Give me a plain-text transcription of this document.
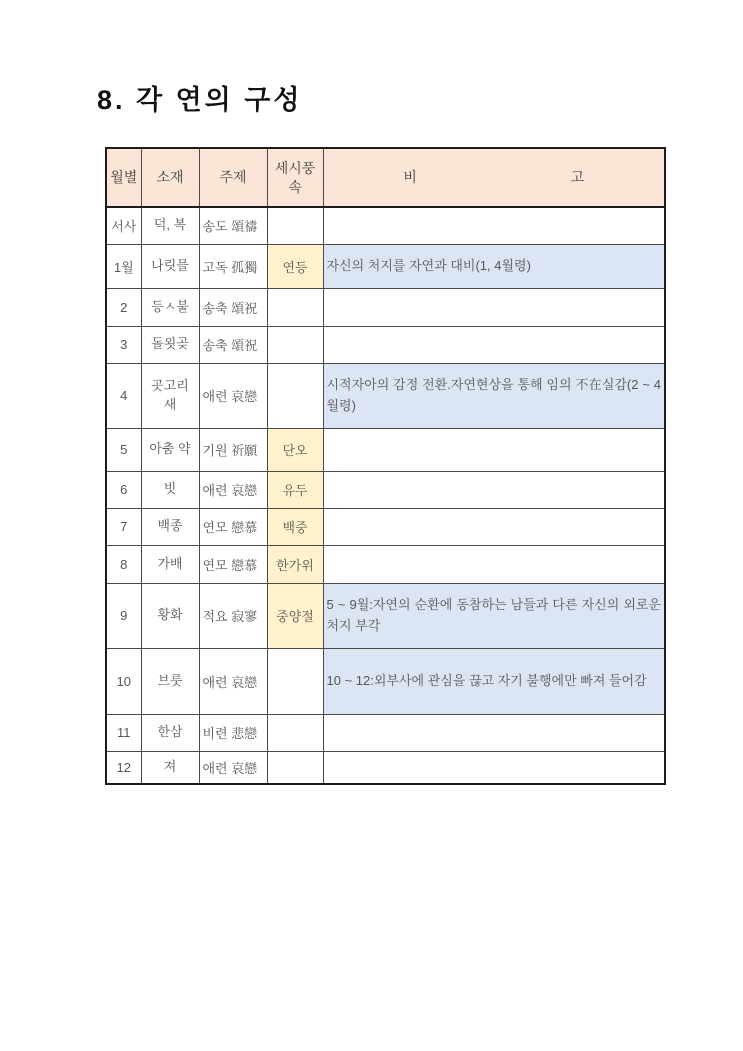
8. 각 연의 구성
월별	소재	주제	세시풍속	비 고

서사	덕, 복	송도 頌禱		
1월	나릿믈	고독 孤獨	연등	자신의 처지를 자연과 대비(1, 4월령)
2	등ㅅ불	송축 頌祝		
3	돌욋곶	송축 頌祝		
4	곳고리 새	애련 哀戀		시적자아의 감정 전환.자연현상을 통해 임의 不在실감(2 ~ 4월령)
5	아춤 약	기원 祈願	단오	
6	빗	애련 哀戀	유두	
7	백종	연모 戀慕	백중	
8	가배	연모 戀慕	한가위	
9	황화	적요 寂寥	중양절	5 ~ 9월:자연의 순환에 동참하는 남들과 다른 자신의 외로운 처지 부각
10	브룻	애련 哀戀		10 ~ 12:외부사에 관심을 끊고 자기 불행에만 빠져 들어감
11	한삼	비련 悲戀		
12	져	애련 哀戀		
